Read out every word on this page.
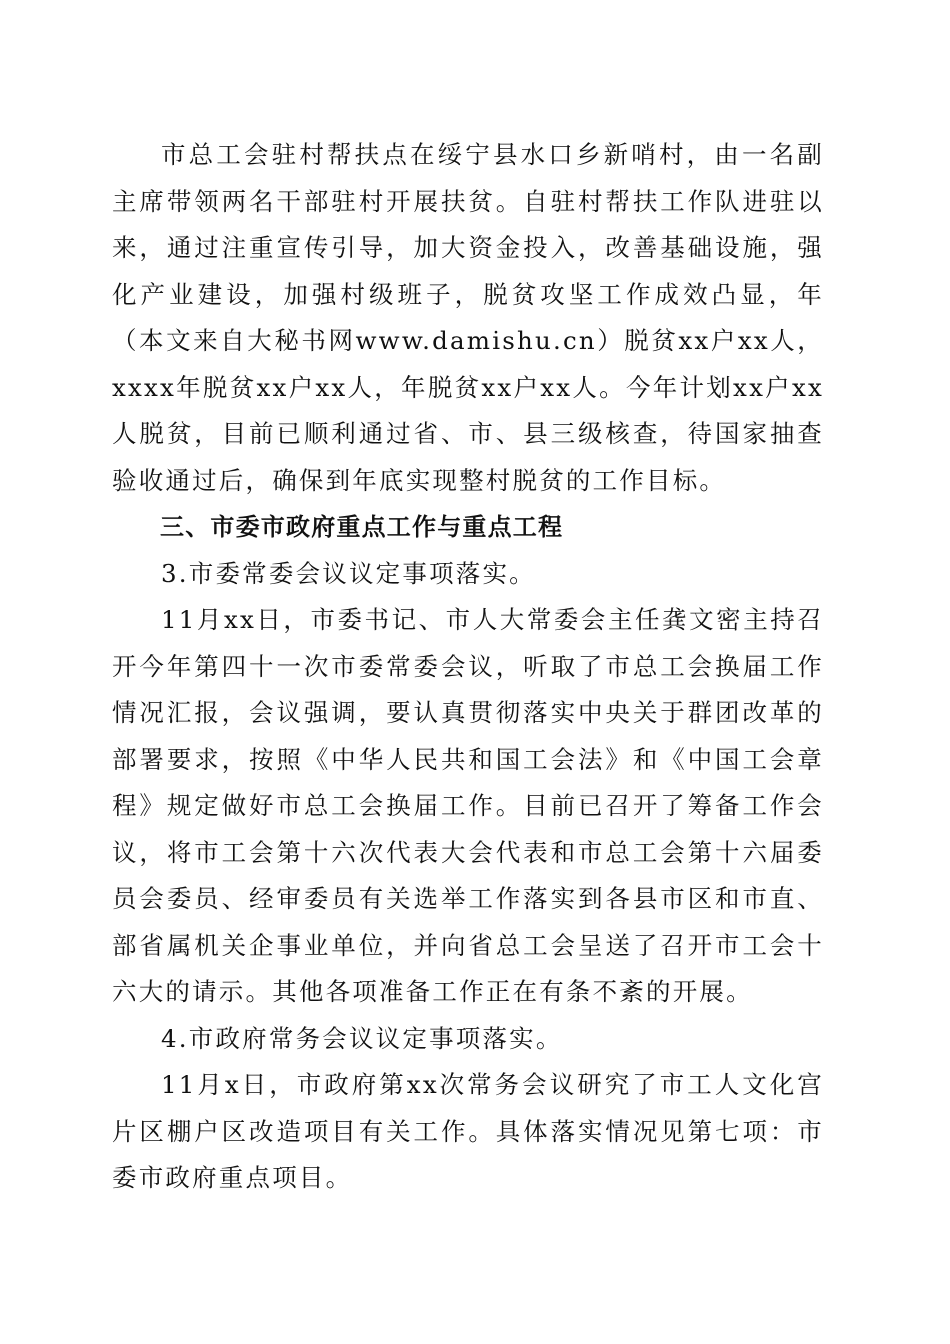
市总工会驻村帮扶点在绥宁县水口乡新哨村，由一名副主席带领两名干部驻村开展扶贫。自驻村帮扶工作队进驻以来，通过注重宣传引导，加大资金投入，改善基础设施，强化产业建设，加强村级班子，脱贫攻坚工作成效凸显，年（本文来自大秘书网www.damishu.cn）脱贫xx户xx人，xxxx年脱贫xx户xx人，年脱贫xx户xx人。今年计划xx户xx人脱贫，目前已顺利通过省、市、县三级核查，待国家抽查验收通过后，确保到年底实现整村脱贫的工作目标。

三、市委市政府重点工作与重点工程

3.市委常委会议议定事项落实。

11月xx日，市委书记、市人大常委会主任龚文密主持召开今年第四十一次市委常委会议，听取了市总工会换届工作情况汇报，会议强调，要认真贯彻落实中央关于群团改革的部署要求，按照《中华人民共和国工会法》和《中国工会章程》规定做好市总工会换届工作。目前已召开了筹备工作会议，将市工会第十六次代表大会代表和市总工会第十六届委员会委员、经审委员有关选举工作落实到各县市区和市直、部省属机关企事业单位，并向省总工会呈送了召开市工会十六大的请示。其他各项准备工作正在有条不紊的开展。

4.市政府常务会议议定事项落实。

11月x日，市政府第xx次常务会议研究了市工人文化宫片区棚户区改造项目有关工作。具体落实情况见第七项：市委市政府重点项目。
